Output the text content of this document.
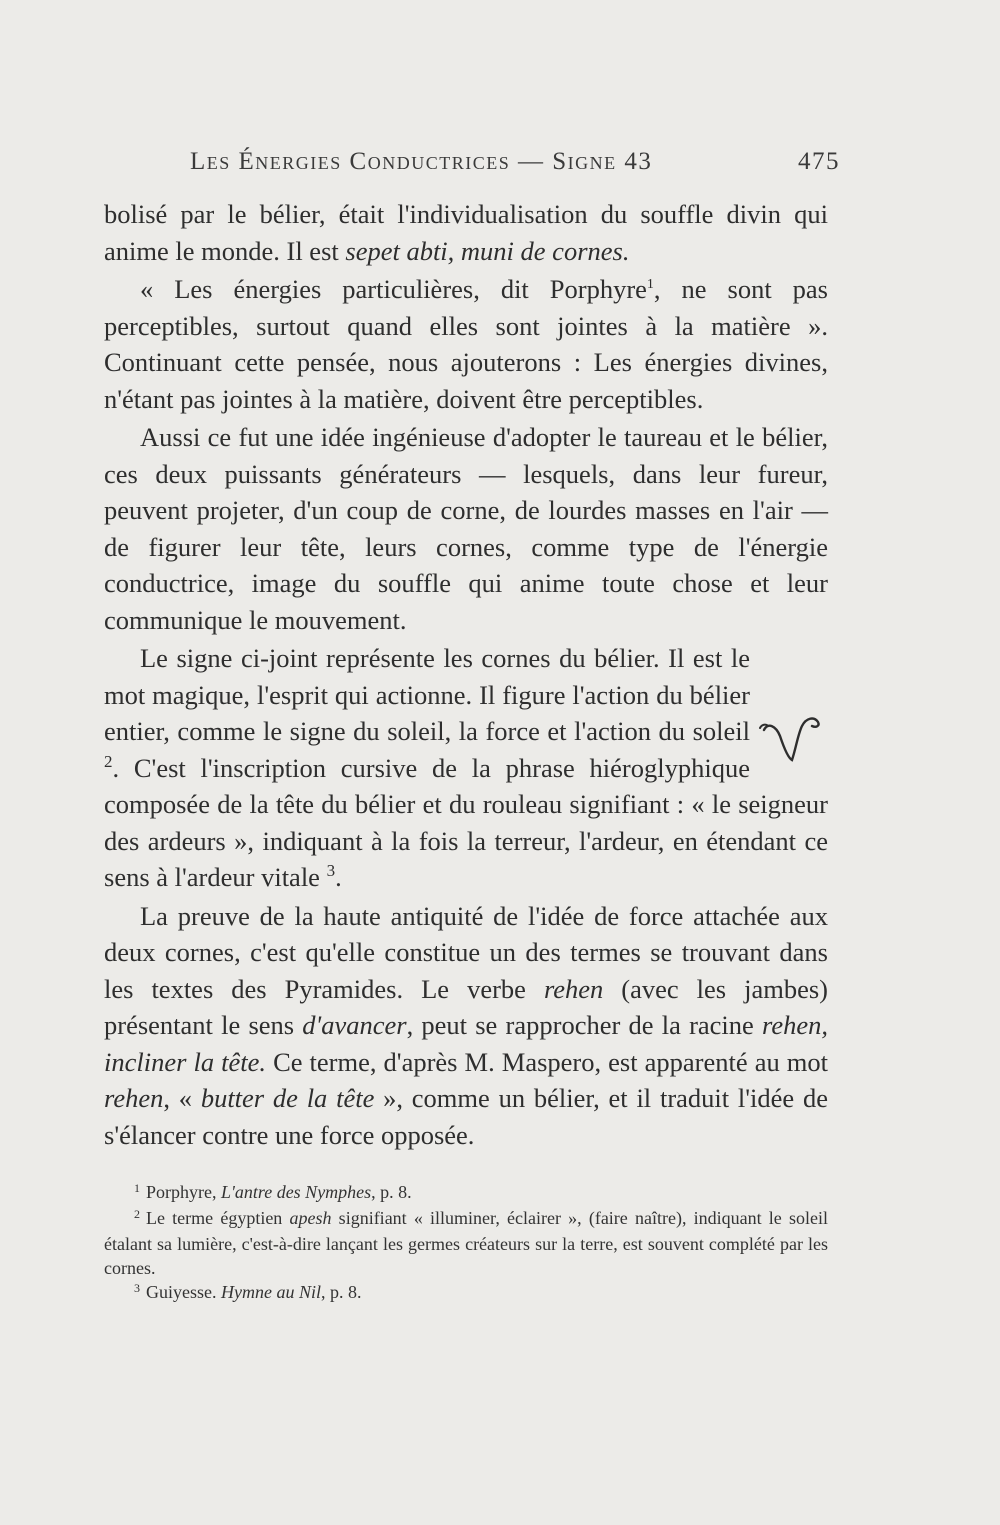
Les Énergies Conductrices — Signe 43	475

bolisé par le bélier, était l'individualisation du souffle divin qui anime le monde. Il est sepet abti, muni de cornes.

« Les énergies particulières, dit Porphyre$^1$, ne sont pas perceptibles, surtout quand elles sont jointes à la matière ». Continuant cette pensée, nous ajouterons : Les énergies divines, n'étant pas jointes à la matière, doivent être perceptibles.

Aussi ce fut une idée ingénieuse d'adopter le taureau et le bélier, ces deux puissants générateurs — lesquels, dans leur fureur, peuvent projeter, d'un coup de corne, de lourdes masses en l'air — de figurer leur tête, leurs cornes, comme type de l'énergie conductrice, image du souffle qui anime toute chose et leur communique le mouvement.

Le signe ci-joint représente les cornes du bélier. Il est le mot magique, l'esprit qui actionne. Il figure l'action du bélier entier, comme le signe du soleil, la force et l'action du soleil $^2$. C'est l'inscription cursive de la phrase hiéroglyphique composée de la tête du bélier et du rouleau signifiant : « le seigneur des ardeurs », indiquant à la fois la terreur, l'ardeur, en étendant ce sens à l'ardeur vitale $^3$.

La preuve de la haute antiquité de l'idée de force attachée aux deux cornes, c'est qu'elle constitue un des termes se trouvant dans les textes des Pyramides. Le verbe rehen (avec les jambes) présentant le sens d'avancer, peut se rapprocher de la racine rehen, incliner la tête. Ce terme, d'après M. Maspero, est apparenté au mot rehen, « butter de la tête », comme un bélier, et il traduit l'idée de s'élancer contre une force opposée.

$^1$ Porphyre, L'antre des Nymphes, p. 8.

$^2$ Le terme égyptien apesh signifiant « illuminer, éclairer », (faire naître), indiquant le soleil étalant sa lumière, c'est-à-dire lançant les germes créateurs sur la terre, est souvent complété par les cornes.

$^3$ Guiyesse. Hymne au Nil, p. 8.
